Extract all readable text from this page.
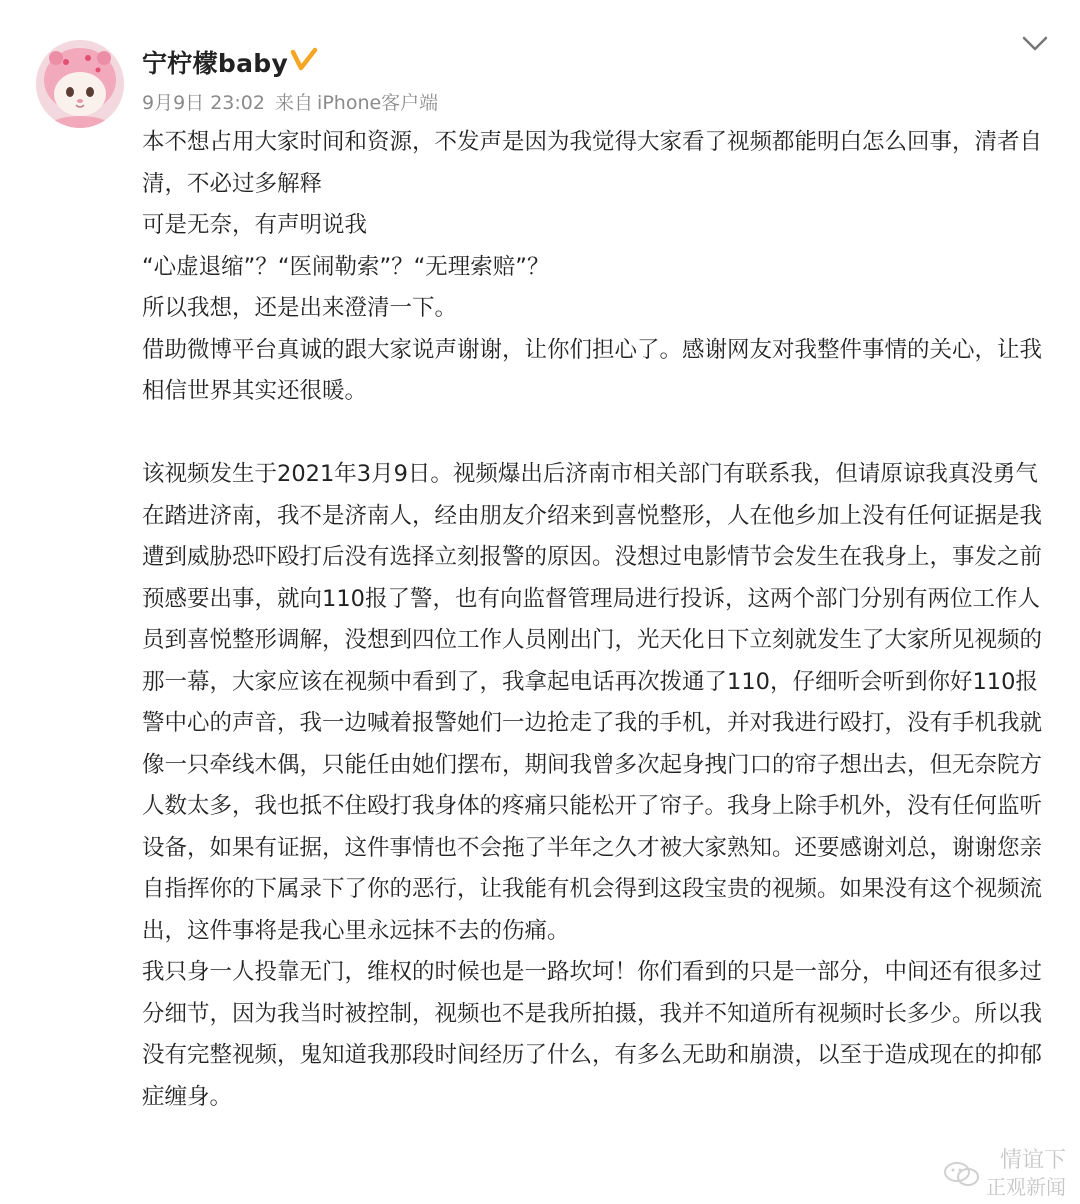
宁柠檬baby
9月9日 23:02 来自 iPhone客户端

本不想占用大家时间和资源，不发声是因为我觉得大家看了视频都能明白怎么回事，清者自清，不必过多解释

可是无奈，有声明说我

“心虚退缩”？“医闹勒索”？“无理索赔”？

所以我想，还是出来澄清一下。

借助微博平台真诚的跟大家说声谢谢，让你们担心了。感谢网友对我整件事情的关心，让我相信世界其实还很暖。

该视频发生于2021年3月9日。视频爆出后济南市相关部门有联系我，但请原谅我真没勇气在踏进济南，我不是济南人，经由朋友介绍来到喜悦整形，人在他乡加上没有任何证据是我遭到威胁恐吓殴打后没有选择立刻报警的原因。没想过电影情节会发生在我身上，事发之前预感要出事，就向110报了警，也有向监督管理局进行投诉，这两个部门分别有两位工作人员到喜悦整形调解，没想到四位工作人员刚出门，光天化日下立刻就发生了大家所见视频的那一幕，大家应该在视频中看到了，我拿起电话再次拨通了110，仔细听会听到你好110报警中心的声音，我一边喊着报警她们一边抢走了我的手机，并对我进行殴打，没有手机我就像一只牵线木偶，只能任由她们摆布，期间我曾多次起身拽门口的帘子想出去，但无奈院方人数太多，我也抵不住殴打我身体的疼痛只能松开了帘子。我身上除手机外，没有任何监听设备，如果有证据，这件事情也不会拖了半年之久才被大家熟知。还要感谢刘总，谢谢您亲自指挥你的下属录下了你的恶行，让我能有机会得到这段宝贵的视频。如果没有这个视频流出，这件事将是我心里永远抹不去的伤痛。

我只身一人投靠无门，维权的时候也是一路坎坷！你们看到的只是一部分，中间还有很多过分细节，因为我当时被控制，视频也不是我所拍摄，我并不知道所有视频时长多少。所以我没有完整视频，鬼知道我那段时间经历了什么，有多么无助和崩溃，以至于造成现在的抑郁症缠身。

情谊下
正观新闻
